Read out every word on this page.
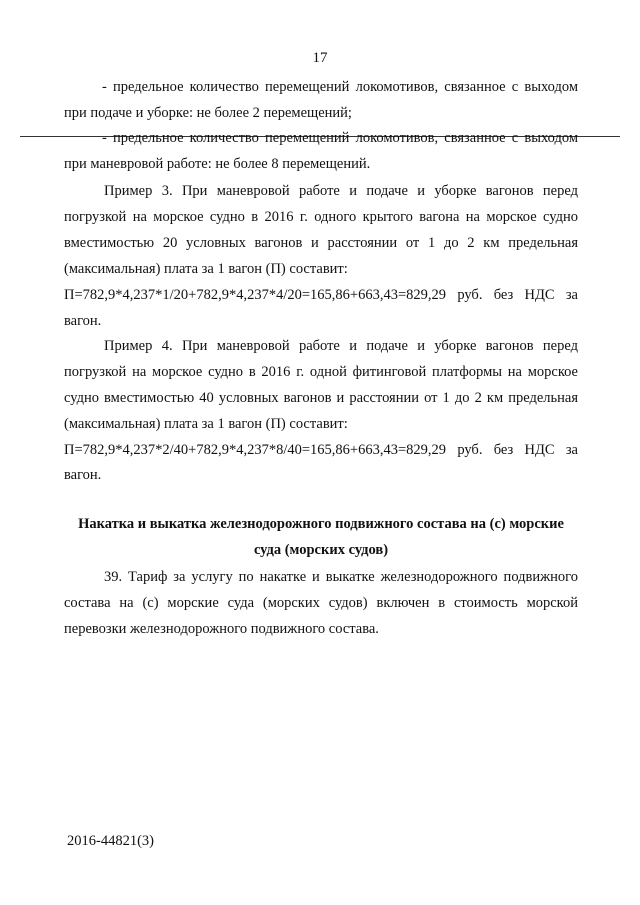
17
- предельное количество перемещений локомотивов, связанное с выходом
при подаче и уборке: не более 2 перемещений;
- предельное количество перемещений локомотивов, связанное с выходом
при маневровой работе: не более 8 перемещений.
Пример 3. При маневровой работе и подаче и уборке вагонов перед
погрузкой на морское судно в 2016 г. одного крытого вагона на морское судно
вместимостью 20 условных вагонов и расстоянии от 1 до 2 км предельная
(максимальная) плата за 1 вагон (П) составит:
П=782,9*4,237*1/20+782,9*4,237*4/20=165,86+663,43=829,29 руб. без НДС за
вагон.
Пример 4. При маневровой работе и подаче и уборке вагонов перед
погрузкой на морское судно в 2016 г. одной фитинговой платформы на морское
судно вместимостью 40 условных вагонов и расстоянии от 1 до 2 км предельная
(максимальная) плата за 1 вагон (П) составит:
П=782,9*4,237*2/40+782,9*4,237*8/40=165,86+663,43=829,29 руб. без НДС за
вагон.
Накатка и выкатка железнодорожного подвижного состава на (с) морские
суда (морских судов)
39. Тариф за услугу по накатке и выкатке железнодорожного подвижного
состава на (с) морские суда (морских судов) включен в стоимость морской
перевозки железнодорожного подвижного состава.
2016-44821(3)
